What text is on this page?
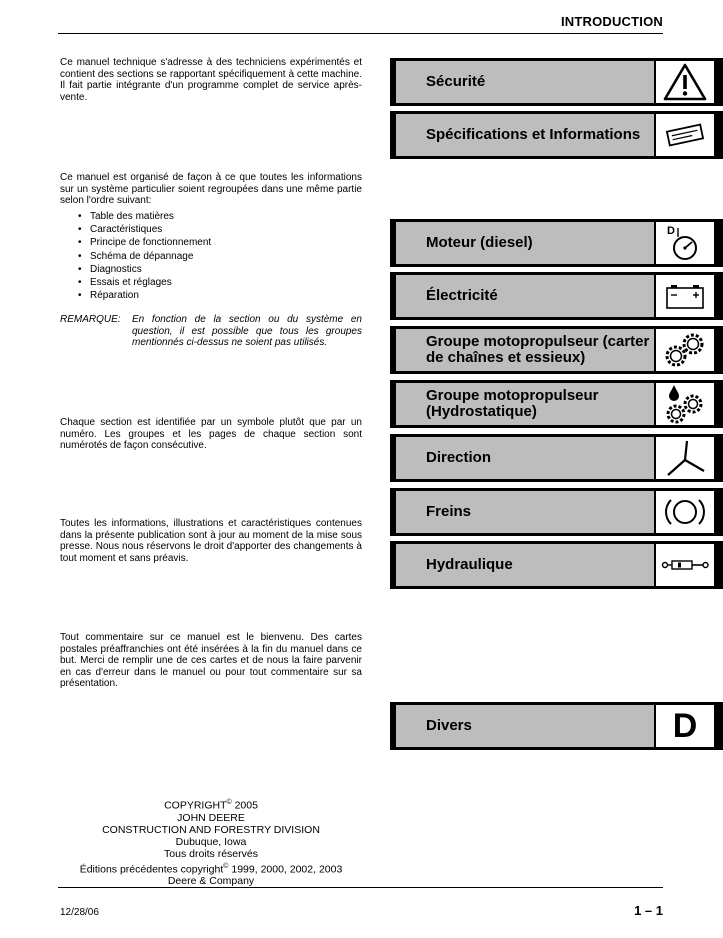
INTRODUCTION

Ce manuel technique s'adresse à des techniciens expérimentés et contient des sections se rapportant spécifiquement à cette machine. Il fait partie intégrante d'un programme complet de service après-vente.

Ce manuel est organisé de façon à ce que toutes les informations sur un système particulier soient regroupées dans une même partie selon l'ordre suivant:

• Table des matières
• Caractéristiques
• Principe de fonctionnement
• Schéma de dépannage
• Diagnostics
• Essais et réglages
• Réparation
REMARQUE: En fonction de la section ou du système en question, il est possible que tous les groupes mentionnés ci-dessus ne soient pas utilisés.

Chaque section est identifiée par un symbole plutôt que par un numéro. Les groupes et les pages de chaque section sont numérotés de façon consécutive.

Toutes les informations, illustrations et caractéristiques contenues dans la présente publication sont à jour au moment de la mise sous presse. Nous nous réservons le droit d'apporter des changements à tout moment et sans préavis.

Tout commentaire sur ce manuel est le bienvenu. Des cartes postales préaffranchies ont été insérées à la fin du manuel dans ce but. Merci de remplir une de ces cartes et de nous la faire parvenir en cas d'erreur dans le manuel ou pour tout commentaire sur sa présentation.

COPYRIGHT© 2005
JOHN DEERE
CONSTRUCTION AND FORESTRY DIVISION
Dubuque, Iowa
Tous droits réservés
Éditions précédentes copyright© 1999, 2000, 2002, 2003
Deere & Company
Sécurité
Spécifications et Informations
Moteur (diesel)
D
Électricité
Groupe motopropulseur (carter de chaînes et essieux)
Groupe motopropulseur (Hydrostatique)
Direction
Freins
Hydraulique
Divers	D
12/28/06	1 – 1
